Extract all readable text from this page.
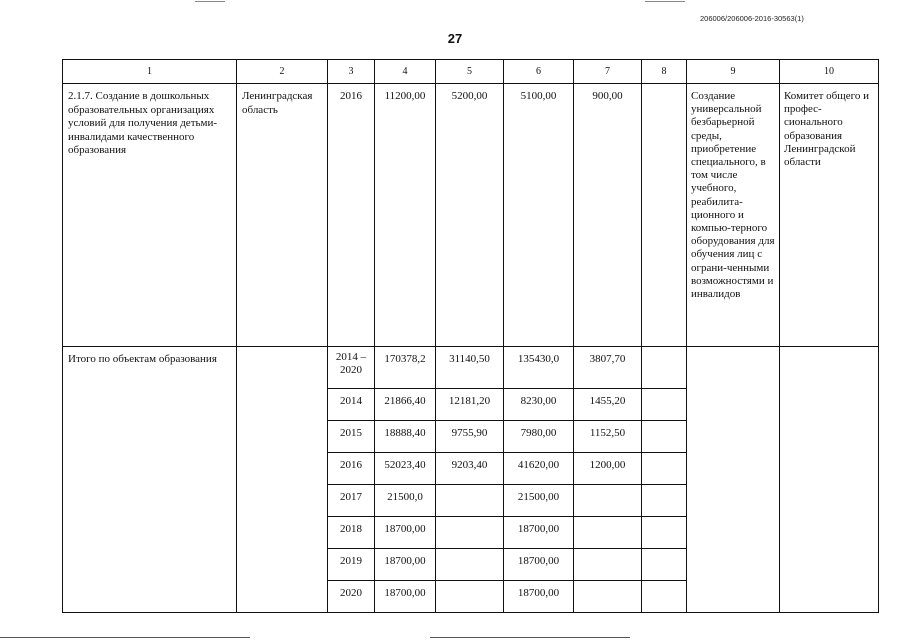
206006/206006-2016-30563(1)
27
1	2	3	4	5	6	7	8	9	10
2.1.7. Создание в дошкольных образовательных организациях условий для получения детьми-инвалидами качественного образования	Ленинградская область	2016	11200,00	5200,00	5100,00	900,00		Создание универсальной безбарьерной среды, приобретение специального, в том числе учебного, реабилита-ционного и компью-терного оборудования для обучения лиц с ограни-ченными возможностями и инвалидов	Комитет общего и профес-сионального образования Ленинградской области
Итого по объектам образования		2014 – 2020	170378,2	31140,50	135430,0	3807,70			
		2014	21866,40	12181,20	8230,00	1455,20			
		2015	18888,40	9755,90	7980,00	1152,50			
		2016	52023,40	9203,40	41620,00	1200,00			
		2017	21500,0		21500,00				
		2018	18700,00		18700,00				
		2019	18700,00		18700,00				
		2020	18700,00		18700,00				
